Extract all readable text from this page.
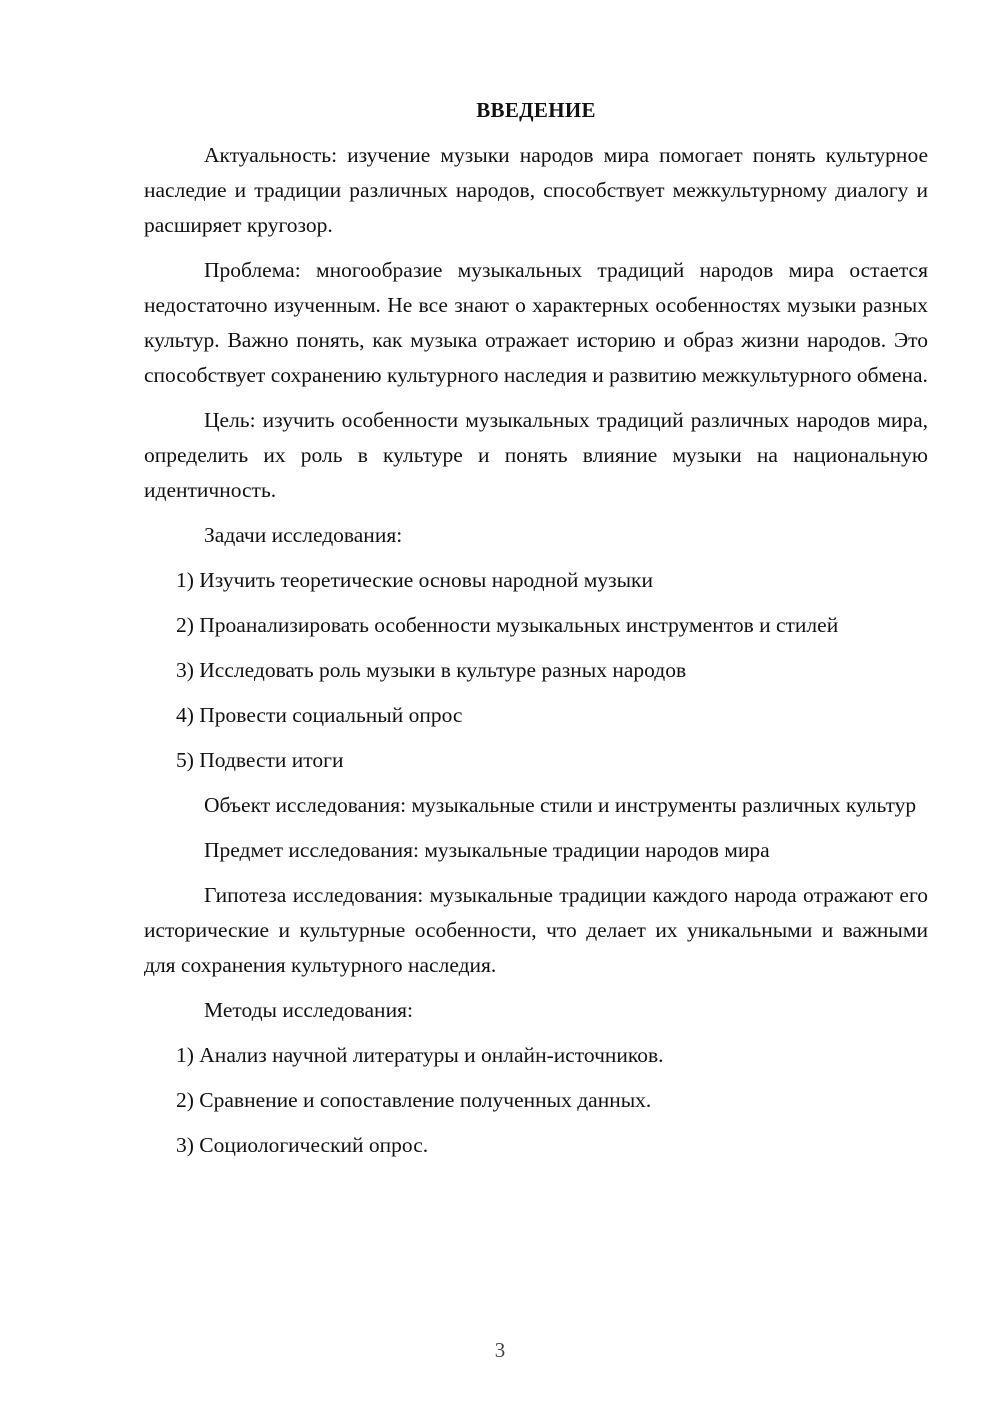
ВВЕДЕНИЕ

Актуальность: изучение музыки народов мира помогает понять культурное наследие и традиции различных народов, способствует межкультурному диалогу и расширяет кругозор.

Проблема: многообразие музыкальных традиций народов мира остается недостаточно изученным. Не все знают о характерных особенностях музыки разных культур. Важно понять, как музыка отражает историю и образ жизни народов. Это способствует сохранению культурного наследия и развитию межкультурного обмена.

Цель: изучить особенности музыкальных традиций различных народов мира, определить их роль в культуре и понять влияние музыки на национальную идентичность.

Задачи исследования:

1) Изучить теоретические основы народной музыки

2) Проанализировать особенности музыкальных инструментов и стилей

3) Исследовать роль музыки в культуре разных народов

4) Провести социальный опрос

5) Подвести итоги

Объект исследования: музыкальные стили и инструменты различных культур

Предмет исследования: музыкальные традиции народов мира

Гипотеза исследования: музыкальные традиции каждого народа отражают его исторические и культурные особенности, что делает их уникальными и важными для сохранения культурного наследия.

Методы исследования:

1) Анализ научной литературы и онлайн-источников.

2) Сравнение и сопоставление полученных данных.

3) Социологический опрос.

3
